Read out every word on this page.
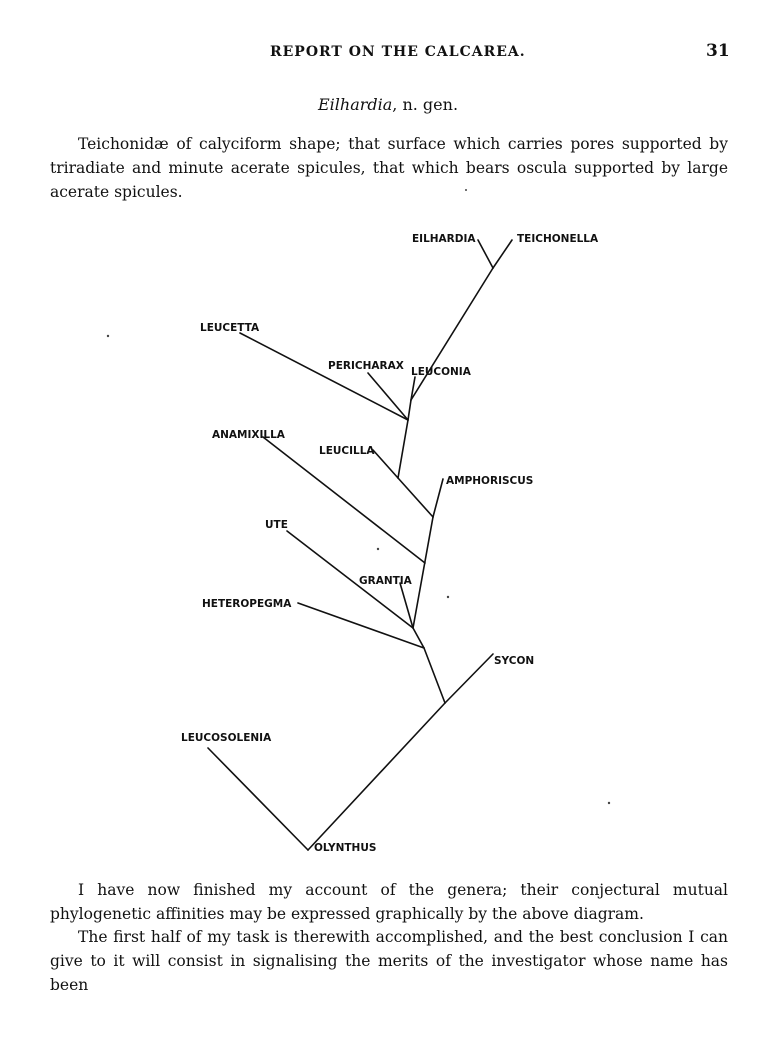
REPORT ON THE CALCAREA.	31
Eilhardia, n. gen.

Teichonidæ of calyciform shape; that surface which carries pores supported by triradiate and minute acerate spicules, that which bears oscula supported by large acerate spicules.

EILHARDIA	TEICHONELLA
LEUCETTA
PERICHARAX LEUCONIA
ANAMIXILLA
LEUCILLA
AMPHORISCUS
UTE
GRANTIA
HETEROPEGMA
SYCON
LEUCOSOLENIA
OLYNTHUS

I have now finished my account of the genera; their conjectural mutual phylogenetic affinities may be expressed graphically by the above diagram.

The first half of my task is therewith accomplished, and the best conclusion I can give to it will consist in signalising the merits of the investigator whose name has been
